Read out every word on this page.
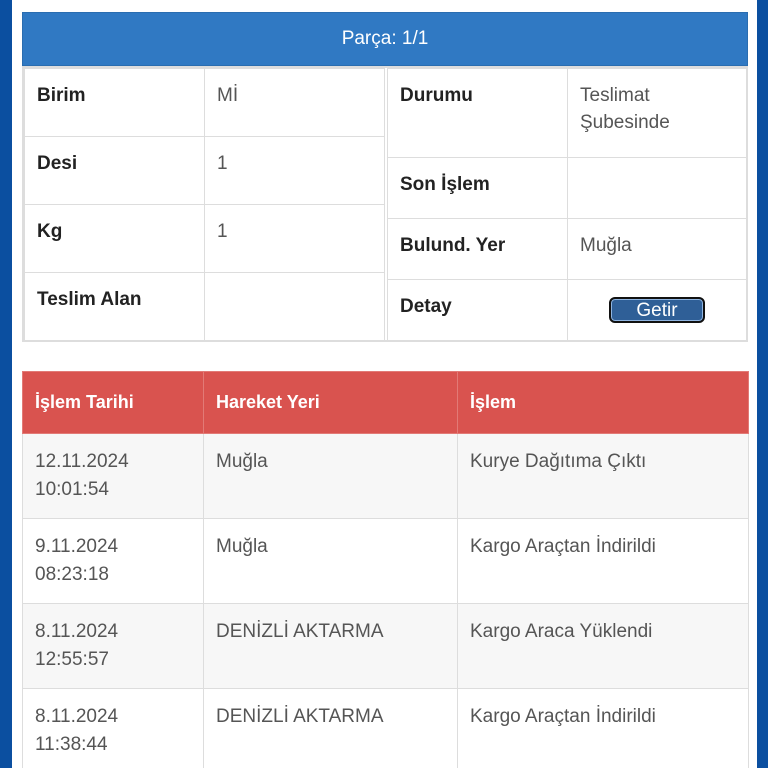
Parça: 1/1
Birim	Mİ
Desi	1
Kg	1
Teslim Alan	
Durumu	Teslimat Şubesinde
Son İşlem	
Bulund. Yer	Muğla
Detay	Getir
İşlem Tarihi	Hareket Yeri	İşlem
12.11.2024
10:01:54	Muğla	Kurye Dağıtıma Çıktı
9.11.2024
08:23:18	Muğla	Kargo Araçtan İndirildi
8.11.2024
12:55:57	DENİZLİ AKTARMA	Kargo Araca Yüklendi
8.11.2024
11:38:44	DENİZLİ AKTARMA	Kargo Araçtan İndirildi
